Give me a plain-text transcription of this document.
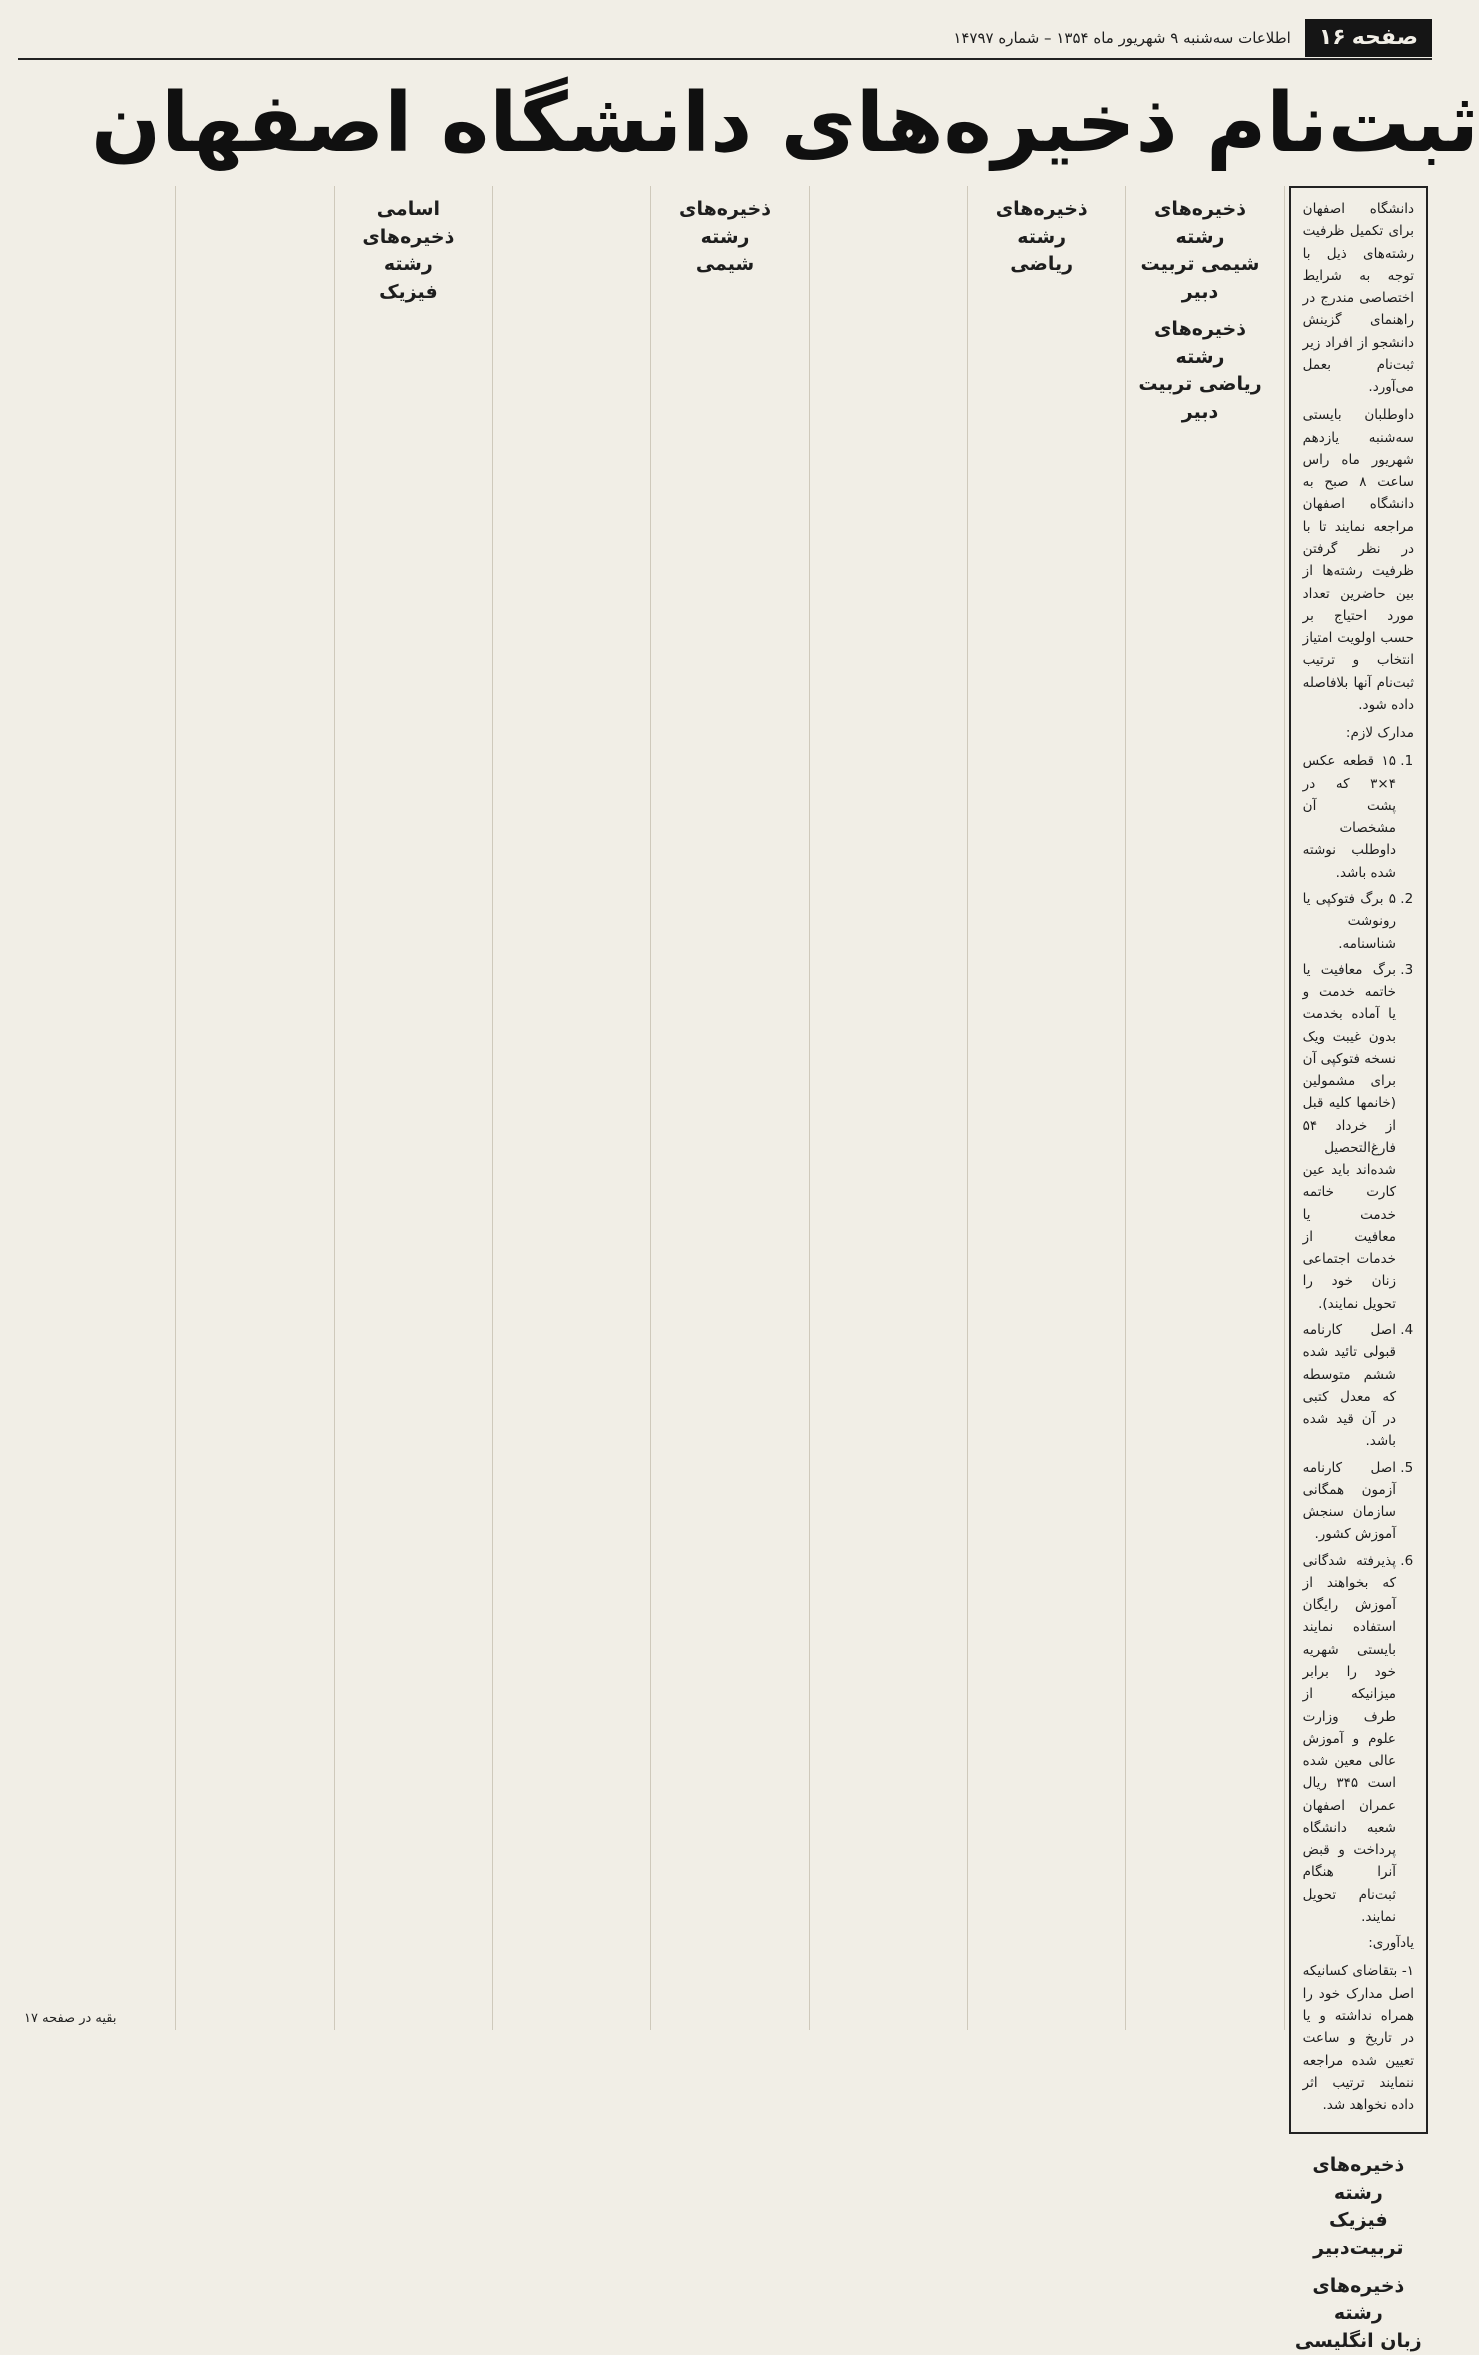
صفحه
۱۶
اطلاعات سه‌شنبه ۹ شهریور ماه ۱۳۵۴ – شماره ۱۴۷۹۷
ثبت‌نام ذخیره‌های دانشگاه اصفهان

دانشگاه اصفهان برای تکمیل ظرفیت رشته‌های ذیل با توجه به شرایط اختصاصی مندرج در راهنمای گزینش دانشجو از افراد زیر ثبت‌نام بعمل می‌آورد.

داوطلبان بایستی سه‌شنبه یازدهم شهریور ماه راس ساعت ۸ صبح به دانشگاه اصفهان مراجعه نمایند تا با در نظر گرفتن ظرفیت رشته‌ها از بین حاضرین تعداد مورد احتیاج بر حسب اولویت امتیاز انتخاب و ترتیب ثبت‌نام آنها بلافاصله داده شود.

مدارک لازم:

1. ۱۵ قطعه عکس ۴×۳ که در پشت آن مشخصات داوطلب نوشته شده باشد.
2. ۵ برگ فتوکپی یا رونوشت شناسنامه.
3. برگ معافیت یا خاتمه خدمت و یا آماده بخدمت بدون غیبت ویک نسخه فتوکپی آن برای مشمولین (خانمها کلیه قبل از خرداد ۵۴ فارغ‌التحصیل شده‌اند باید عین کارت خاتمه خدمت یا معافیت از خدمات اجتماعی زنان خود را تحویل نمایند).
4. اصل کارنامه قبولی تائید شده ششم متوسطه که معدل کتبی در آن قید شده باشد.
5. اصل کارنامه آزمون همگانی سازمان سنجش آموزش کشور.
6. پذیرفته شدگانی که بخواهند از آموزش رایگان استفاده نمایند بایستی شهریه خود را برابر میزانیکه از طرف وزارت علوم و آموزش عالی معین شده است ۳۴۵ ریال عمران اصفهان شعبه دانشگاه پرداخت و قبض آنرا هنگام ثبت‌نام تحویل نمایند.

یادآوری:

۱- بتقاضای کسانیکه اصل مدارک خود را همراه نداشته و یا در تاریخ و ساعت تعیین شده مراجعه ننمایند ترتیب اثر داده نخواهد شد.

ذخیره‌های رشته
فیزیک تربیت‌دبیر
ذخیره‌های رشته
زبان انگلیسی
ذخیره‌های رشته
شیمی تربیت دبیر
ذخیره‌های رشته
ریاضی تربیت دبیر
ذخیره‌های رشته
ریاضی
ذخیره‌های رشته
شیمی
اسامی
ذخیره‌های رشته
فیزیک
بقیه در صفحه ۱۷
